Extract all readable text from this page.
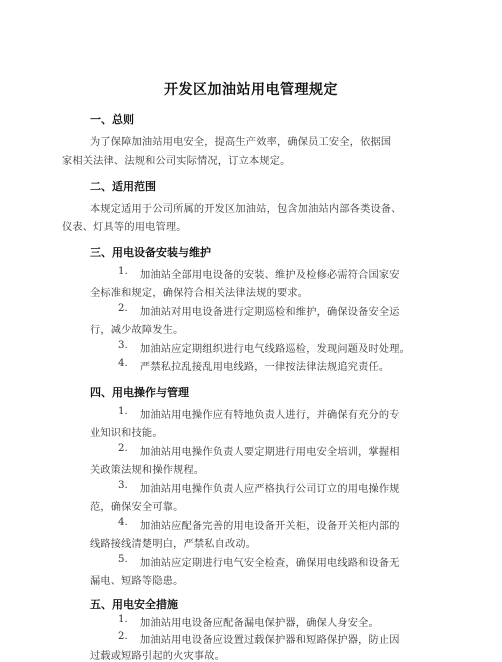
开发区加油站用电管理规定
一、总则
为了保障加油站用电安全，提高生产效率，确保员工安全，依据国
家相关法律、法规和公司实际情况，订立本规定。
二、适用范围
本规定适用于公司所属的开发区加油站，包含加油站内部各类设备、
仪表、灯具等的用电管理。
三、用电设备安装与维护
1. 加油站全部用电设备的安装、维护及检修必需符合国家安
全标准和规定，确保符合相关法律法规的要求。
2. 加油站对用电设备进行定期巡检和维护，确保设备安全运
行，减少故障发生。
3. 加油站应定期组织进行电气线路巡检，发现问题及时处理。
4. 严禁私拉乱接乱用电线路，一律按法律法规追究责任。
四、用电操作与管理
1. 加油站用电操作应有特地负责人进行，并确保有充分的专
业知识和技能。
2. 加油站用电操作负责人要定期进行用电安全培训，掌握相
关政策法规和操作规程。
3. 加油站用电操作负责人应严格执行公司订立的用电操作规
范，确保安全可靠。
4. 加油站应配备完善的用电设备开关柜，设备开关柜内部的
线路接线清楚明白，严禁私自改动。
5. 加油站应定期进行电气安全检查，确保用电线路和设备无
漏电、短路等隐患。
五、用电安全措施
1. 加油站用电设备应配备漏电保护器，确保人身安全。
2. 加油站用电设备应设置过载保护器和短路保护器，防止因
过载或短路引起的火灾事故。
